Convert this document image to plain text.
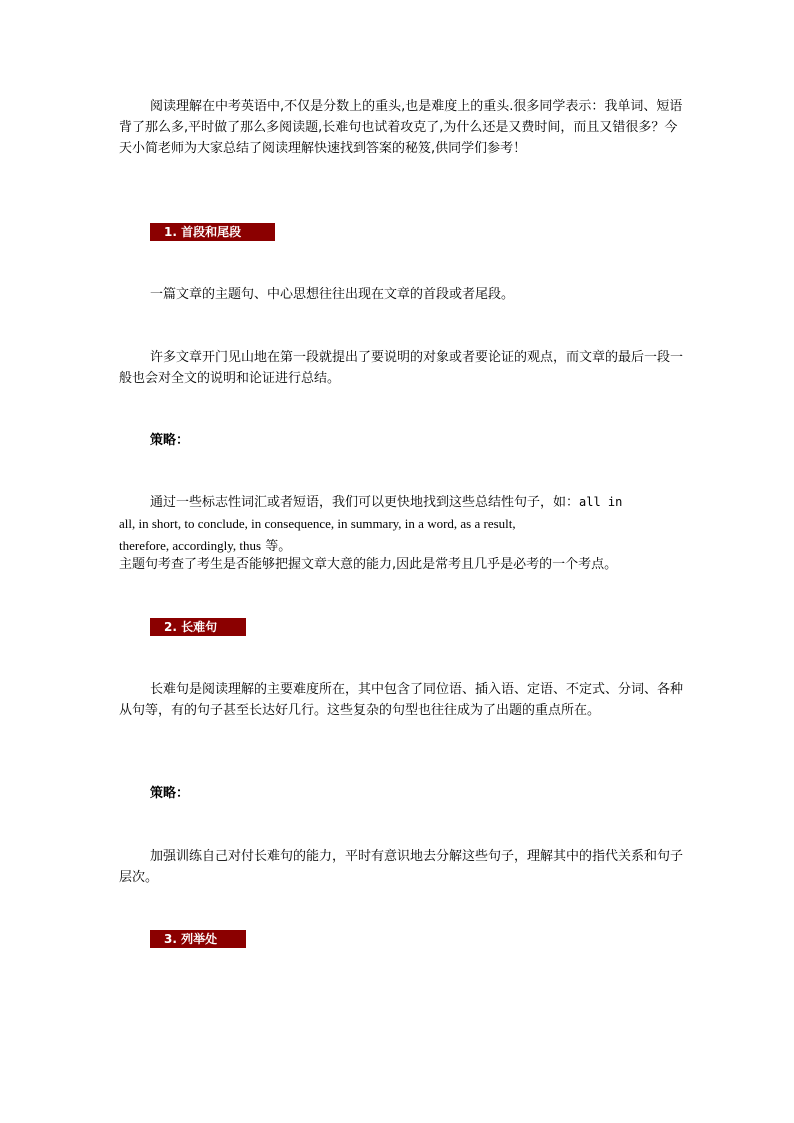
阅读理解在中考英语中,不仅是分数上的重头,也是难度上的重头.很多同学表示：我单词、短语背了那么多,平时做了那么多阅读题,长难句也试着攻克了,为什么还是又费时间，而且又错很多？今天小简老师为大家总结了阅读理解快速找到答案的秘笈,供同学们参考！

1. 首段和尾段

一篇文章的主题句、中心思想往往出现在文章的首段或者尾段。

许多文章开门见山地在第一段就提出了要说明的对象或者要论证的观点，而文章的最后一段一般也会对全文的说明和论证进行总结。

策略：

通过一些标志性词汇或者短语，我们可以更快地找到这些总结性句子，如：all in
all, in short, to conclude, in consequence, in summary, in a word, as a result,
therefore, accordingly, thus 等。

主题句考查了考生是否能够把握文章大意的能力,因此是常考且几乎是必考的一个考点。

2. 长难句

长难句是阅读理解的主要难度所在，其中包含了同位语、插入语、定语、不定式、分词、各种从句等，有的句子甚至长达好几行。这些复杂的句型也往往成为了出题的重点所在。

策略：

加强训练自己对付长难句的能力，平时有意识地去分解这些句子，理解其中的指代关系和句子层次。

3. 列举处
